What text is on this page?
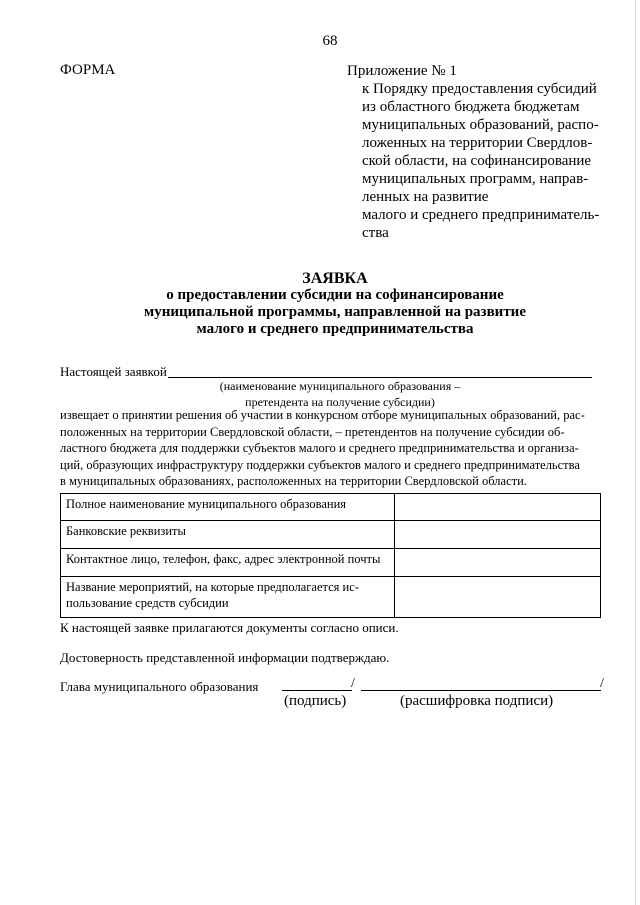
68
ФОРМА	Приложение № 1
к Порядку предоставления субсидий
из областного бюджета бюджетам
муниципальных образований, распо-
ложенных на территории Свердлов-
ской области, на софинансирование
муниципальных программ, направ-
ленных на развитие
малого и среднего предприниматель-
ства
ЗАЯВКА
о предоставлении субсидии на софинансирование
муниципальной программы, направленной на развитие
малого и среднего предпринимательства
Настоящей заявкой
(наименование муниципального образования –
претендента на получение субсидии)
извещает о принятии решения об участии в конкурсном отборе муниципальных образований, рас-
положенных на территории Свердловской области, – претендентов на получение субсидии об-
ластного бюджета для поддержки субъектов малого и среднего предпринимательства и организа-
ций, образующих инфраструктуру поддержки субъектов малого и среднего предпринимательства
в муниципальных образованиях, расположенных на территории Свердловской области.
Полное наименование муниципального образования	
Банковские реквизиты	
Контактное лицо, телефон, факс, адрес электронной почты	
Название мероприятий, на которые предполагается ис-
пользование средств субсидии	
К настоящей заявке прилагаются документы согласно описи.
Достоверность представленной информации подтверждаю.
Глава муниципального образования	/	/
(подпись)	(расшифровка подписи)
